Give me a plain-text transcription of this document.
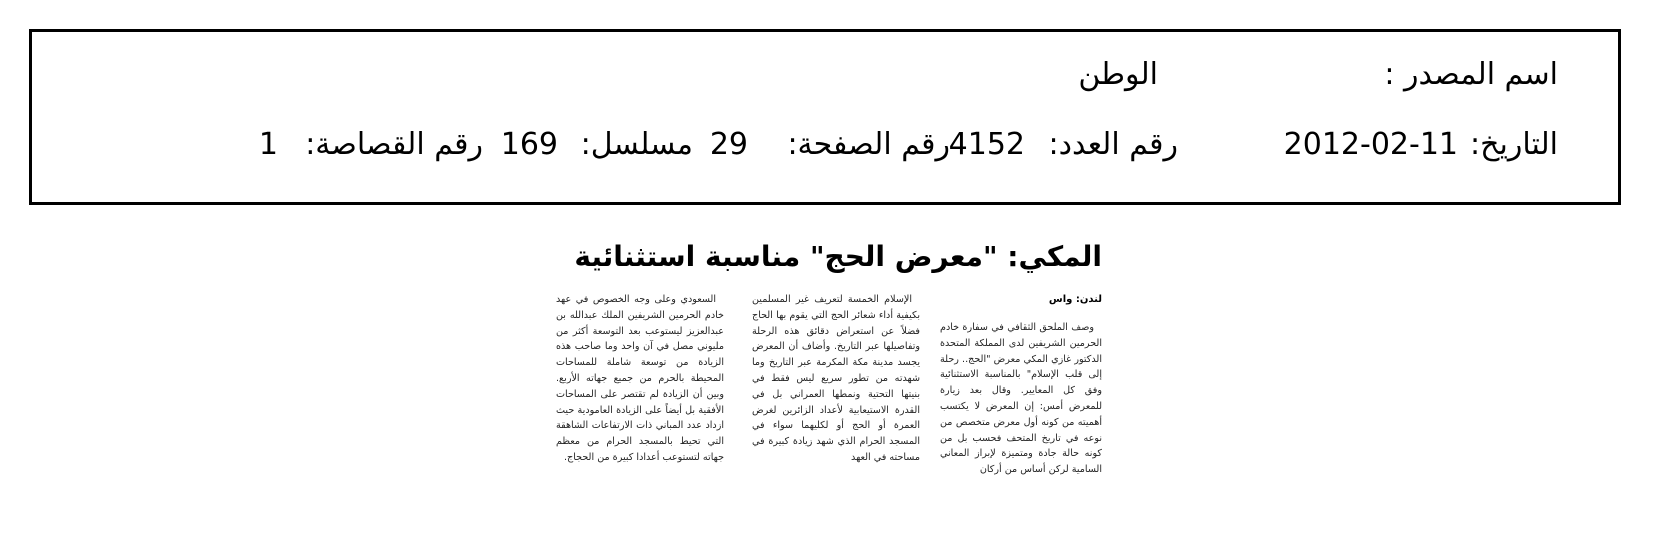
اسم المصدر :
الوطن
التاريخ:
2012-02-11
رقم العدد:
4152
رقم الصفحة:
29
مسلسل:
169
رقم القصاصة:
1
المكي: "معرض الحج" مناسبة استثنائية
لندن: واس

وصف الملحق الثقافي في سفارة خادم الحرمين الشريفين لدى المملكة المتحدة الدكتور غازي المكي معرض "الحج.. رحلة إلى قلب الإسلام" بالمناسبة الاستثنائية وفق كل المعايير. وقال بعد زيارة للمعرض أمس: إن المعرض لا يكتسب أهميته من كونه أول معرض متخصص من نوعه في تاريخ المتحف فحسب بل من كونه حالة جادة ومتميزة لإبراز المعاني السامية لركن أساس من أركان

الإسلام الخمسة لتعريف غير المسلمين بكيفية أداء شعائر الحج التي يقوم بها الحاج فضلاً عن استعراض دقائق هذه الرحلة وتفاصيلها عبر التاريخ. وأضاف أن المعرض يجسد مدينة مكة المكرمة عبر التاريخ وما شهدته من تطور سريع ليس فقط في بنيتها التحتية ونمطها العمراني بل في القدرة الاستيعابية لأعداد الزائرين لغرض العمرة أو الحج أو لكليهما سواء في المسجد الحرام الذي شهد زيادة كبيرة في مساحته في العهد

السعودي وعلى وجه الخصوص في عهد خادم الحرمين الشريفين الملك عبدالله بن عبدالعزيز ليستوعب بعد التوسعة أكثر من مليوني مصل في آن واحد وما صاحب هذه الزيادة من توسعة شاملة للمساحات المحيطة بالحرم من جميع جهاته الأربع. وبين أن الزيادة لم تقتصر على المساحات الأفقية بل أيضاً على الزيادة العامودية حيث ازداد عدد المباني ذات الارتفاعات الشاهقة التي تحيط بالمسجد الحرام من معظم جهاته لتستوعب أعدادا كبيرة من الحجاج.
